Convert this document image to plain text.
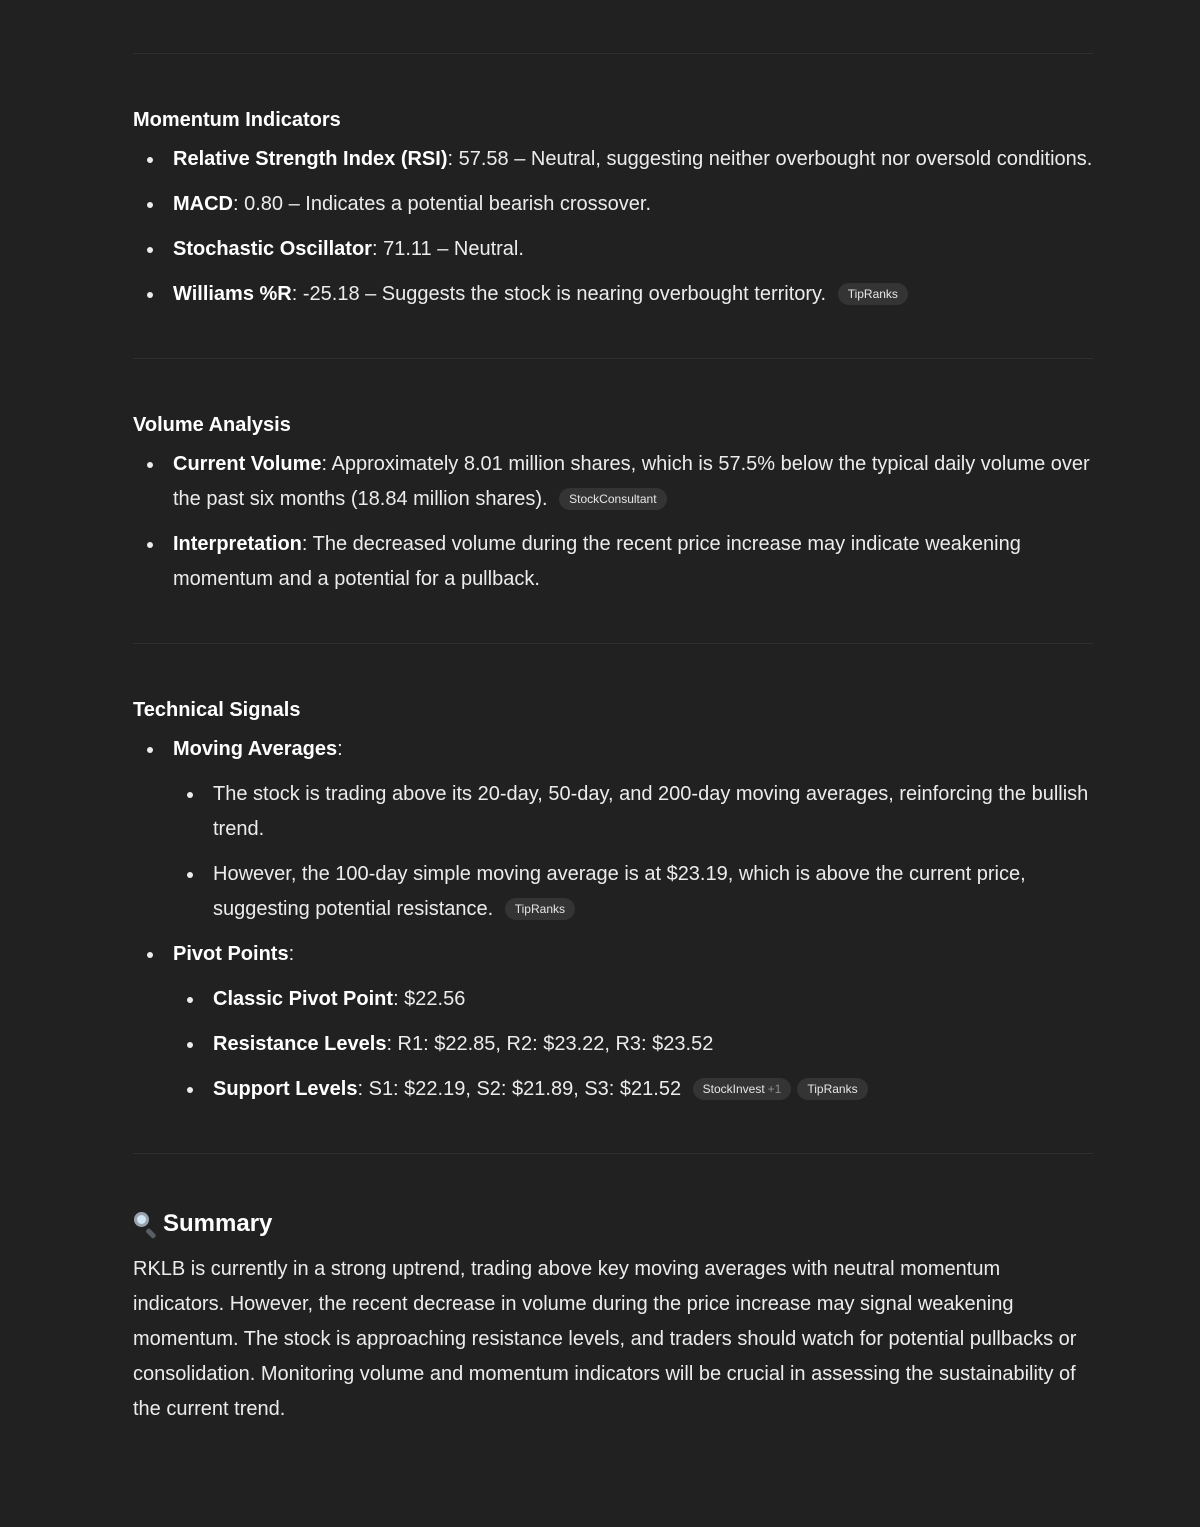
Momentum Indicators
Relative Strength Index (RSI): 57.58 – Neutral, suggesting neither overbought nor oversold conditions.
MACD: 0.80 – Indicates a potential bearish crossover.
Stochastic Oscillator: 71.11 – Neutral.
Williams %R: -25.18 – Suggests the stock is nearing overbought territory. TipRanks
Volume Analysis
Current Volume: Approximately 8.01 million shares, which is 57.5% below the typical daily volume over the past six months (18.84 million shares). StockConsultant
Interpretation: The decreased volume during the recent price increase may indicate weakening momentum and a potential for a pullback.
Technical Signals
Moving Averages:
The stock is trading above its 20-day, 50-day, and 200-day moving averages, reinforcing the bullish trend.
However, the 100-day simple moving average is at $23.19, which is above the current price, suggesting potential resistance. TipRanks
Pivot Points:
Classic Pivot Point: $22.56
Resistance Levels: R1: $22.85, R2: $23.22, R3: $23.52
Support Levels: S1: $22.19, S2: $21.89, S3: $21.52 StockInvest +1 TipRanks
Summary

RKLB is currently in a strong uptrend, trading above key moving averages with neutral momentum indicators. However, the recent decrease in volume during the price increase may signal weakening momentum. The stock is approaching resistance levels, and traders should watch for potential pullbacks or consolidation. Monitoring volume and momentum indicators will be crucial in assessing the sustainability of the current trend.
